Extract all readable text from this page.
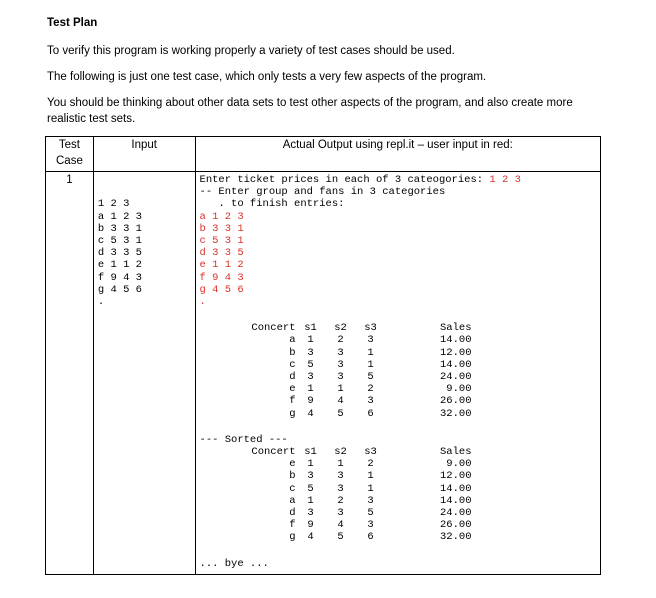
Test Plan
To verify this program is working properly a variety of test cases should be used.
The following is just one test case, which only tests a very few aspects of the program.
You should be thinking about other data sets to test other aspects of the program, and also create more
realistic test sets.
Test
Case	Input	Actual Output using repl.it – user input in red:
1	

1 2 3
a 1 2 3
b 3 3 1
c 5 3 1
d 3 3 5
e 1 1 2
f 9 4 3
g 4 5 6
.

Enter ticket prices in each of 3 cateogories: 1 2 3
-- Enter group and fans in 3 categories
. to finish entries:
a 1 2 3
b 3 3 1
c 5 3 1
d 3 3 5
e 1 1 2
f 9 4 3
g 4 5 6
.
Concert	s1	s2	s3		Sales
a	1	2	3		14.00
b	3	3	1		12.00
c	5	3	1		14.00
d	3	3	5		24.00
e	1	1	2		9.00
f	9	4	3		26.00
g	4	5	6		32.00
--- Sorted ---
Concert	s1	s2	s3		Sales
e	1	1	2		9.00
b	3	3	1		12.00
c	5	3	1		14.00
a	1	2	3		14.00
d	3	3	5		24.00
f	9	4	3		26.00
g	4	5	6		32.00
... bye ...
